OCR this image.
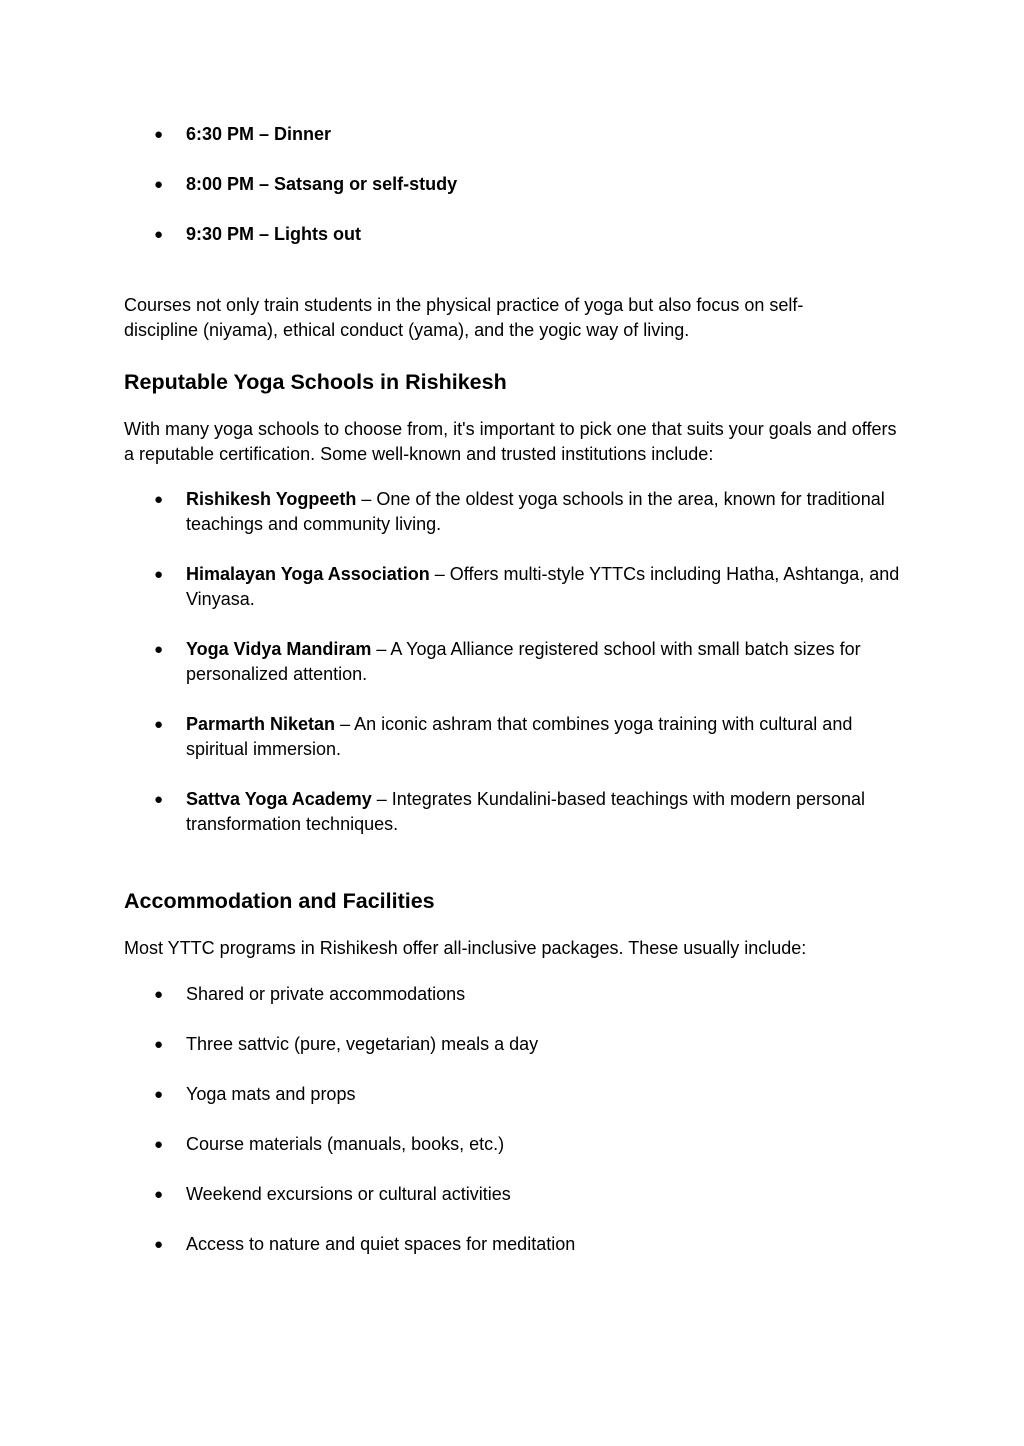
● 6:30 PM – Dinner
● 8:00 PM – Satsang or self-study
● 9:30 PM – Lights out

Courses not only train students in the physical practice of yoga but also focus on self-discipline (niyama), ethical conduct (yama), and the yogic way of living.

Reputable Yoga Schools in Rishikesh

With many yoga schools to choose from, it's important to pick one that suits your goals and offers a reputable certification. Some well-known and trusted institutions include:

● Rishikesh Yogpeeth – One of the oldest yoga schools in the area, known for traditional teachings and community living.
● Himalayan Yoga Association – Offers multi-style YTTCs including Hatha, Ashtanga, and Vinyasa.
● Yoga Vidya Mandiram – A Yoga Alliance registered school with small batch sizes for personalized attention.
● Parmarth Niketan – An iconic ashram that combines yoga training with cultural and spiritual immersion.
● Sattva Yoga Academy – Integrates Kundalini-based teachings with modern personal transformation techniques.
Accommodation and Facilities

Most YTTC programs in Rishikesh offer all-inclusive packages. These usually include:

● Shared or private accommodations
● Three sattvic (pure, vegetarian) meals a day
● Yoga mats and props
● Course materials (manuals, books, etc.)
● Weekend excursions or cultural activities
● Access to nature and quiet spaces for meditation
